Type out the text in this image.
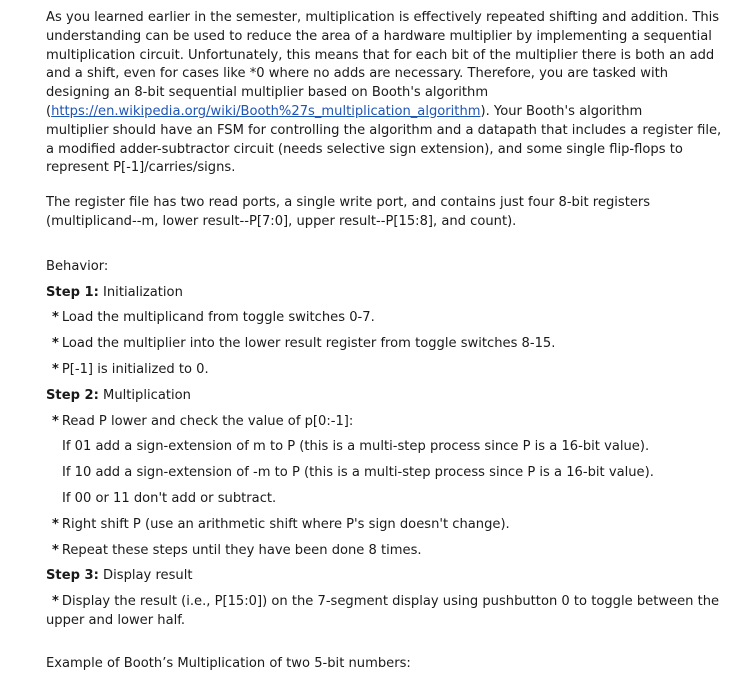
As you learned earlier in the semester, multiplication is effectively repeated shifting and addition. This

understanding can be used to reduce the area of a hardware multiplier by implementing a sequential

multiplication circuit. Unfortunately, this means that for each bit of the multiplier there is both an add

and a shift, even for cases like *0 where no adds are necessary. Therefore, you are tasked with

designing an 8-bit sequential multiplier based on Booth's algorithm

(https://en.wikipedia.org/wiki/Booth%27s_multiplication_algorithm). Your Booth's algorithm

multiplier should have an FSM for controlling the algorithm and a datapath that includes a register file,

a modified adder-subtractor circuit (needs selective sign extension), and some single flip-flops to

represent P[-1]/carries/signs.

The register file has two read ports, a single write port, and contains just four 8-bit registers

(multiplicand--m, lower result--P[7:0], upper result--P[15:8], and count).

Behavior:
Step 1: Initialization
* Load the multiplicand from toggle switches 0-7.
* Load the multiplier into the lower result register from toggle switches 8-15.
* P[-1] is initialized to 0.
Step 2: Multiplication
* Read P lower and check the value of p[0:-1]:
If 01 add a sign-extension of m to P (this is a multi-step process since P is a 16-bit value).
If 10 add a sign-extension of -m to P (this is a multi-step process since P is a 16-bit value).
If 00 or 11 don't add or subtract.
* Right shift P (use an arithmetic shift where P's sign doesn't change).
* Repeat these steps until they have been done 8 times.
Step 3: Display result
* Display the result (i.e., P[15:0]) on the 7-segment display using pushbutton 0 to toggle between the
upper and lower half.
Example of Booth’s Multiplication of two 5-bit numbers:
